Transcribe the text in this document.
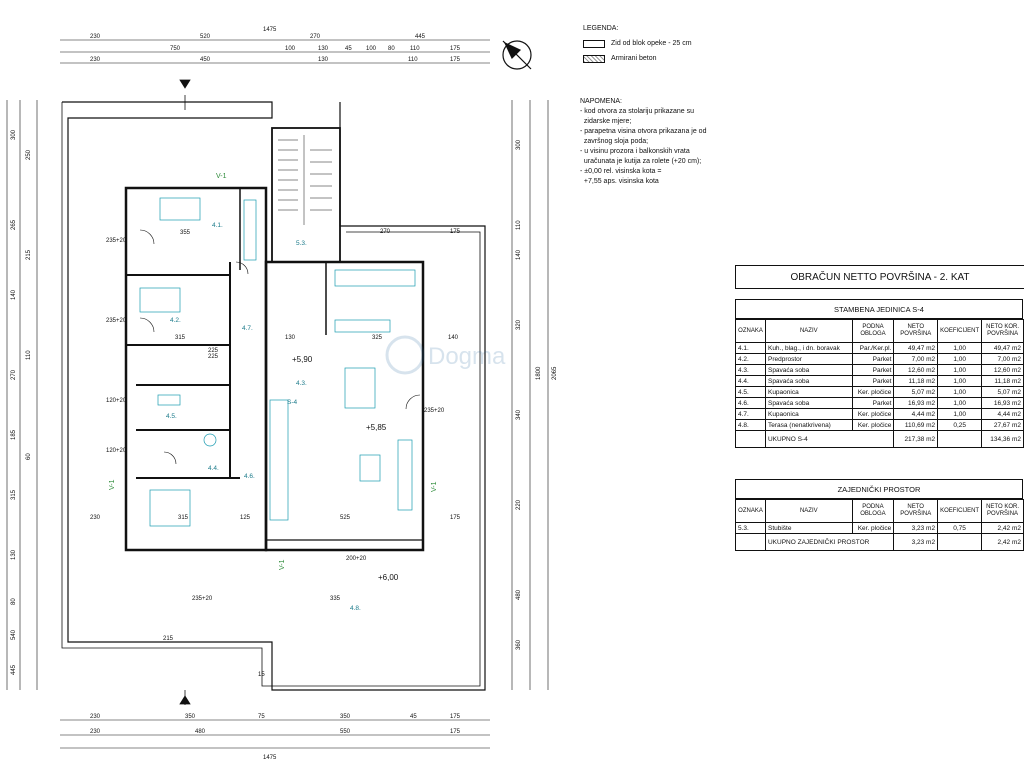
Dogma
230	520	270	445
1475
750	100	130	45 100 80	110	175
230	450	130	110	175
230	350	75	350	45	175
230	480	550	175
1475
355
315	130	325	140
270	175
230	315	125	525	175
215
335
15
300
265
140
270
185
315
130
80
540
445
250
215
110
60
300
110
140
320
340
1800 2065
220
480
360
235+20
235+20
225
225
120+20
120+20
235+20
200+20
235+20
4.1.
4.2.
4.3.
4.4.
4.5.
4.6.
4.7.
4.8.
5.3.
S-4
+5,90
+5,85
+6,00
V-1
V-1	V-1
V-1
LEGENDA:
Zid od blok opeke - 25 cm
Armirani beton
NAPOMENA:
- kod otvora za stolariju prikazane su
zidarske mjere;
- parapetna visina otvora prikazana je od
završnog sloja poda;
- u visinu prozora i balkonskih vrata
uračunata je kutija za rolete (+20 cm);
- ±0,00 rel. visinska kota =
+7,55 aps. visinska kota
OBRAČUN NETTO POVRŠINA - 2. KAT
STAMBENA JEDINICA S-4
OZNAKA	NAZIV	PODNA OBLOGA	NETO POVRŠINA	KOEFICIJENT	NETO KOR. POVRŠINA
4.1.	Kuh., blag., i dn. boravak	Par./Ker.pl.	49,47 m2	1,00	49,47 m2
4.2.	Predprostor	Parket	7,00 m2	1,00	7,00 m2
4.3.	Spavaća soba	Parket	12,60 m2	1,00	12,60 m2
4.4.	Spavaća soba	Parket	11,18 m2	1,00	11,18 m2
4.5.	Kupaonica	Ker. pločice	5,07 m2	1,00	5,07 m2
4.6.	Spavaća soba	Parket	16,93 m2	1,00	16,93 m2
4.7.	Kupaonica	Ker. pločice	4,44 m2	1,00	4,44 m2
4.8.	Terasa (nenatkrivena)	Ker. pločice	110,69 m2	0,25	27,67 m2
	UKUPNO S-4		217,38 m2		134,36 m2
ZAJEDNIČKI PROSTOR
OZNAKA	NAZIV	PODNA OBLOGA	NETO POVRŠINA	KOEFICIJENT	NETO KOR. POVRŠINA
5.3.	Stubište	Ker. pločice	3,23 m2	0,75	2,42 m2
	UKUPNO ZAJEDNIČKI PROSTOR		3,23 m2		2,42 m2
